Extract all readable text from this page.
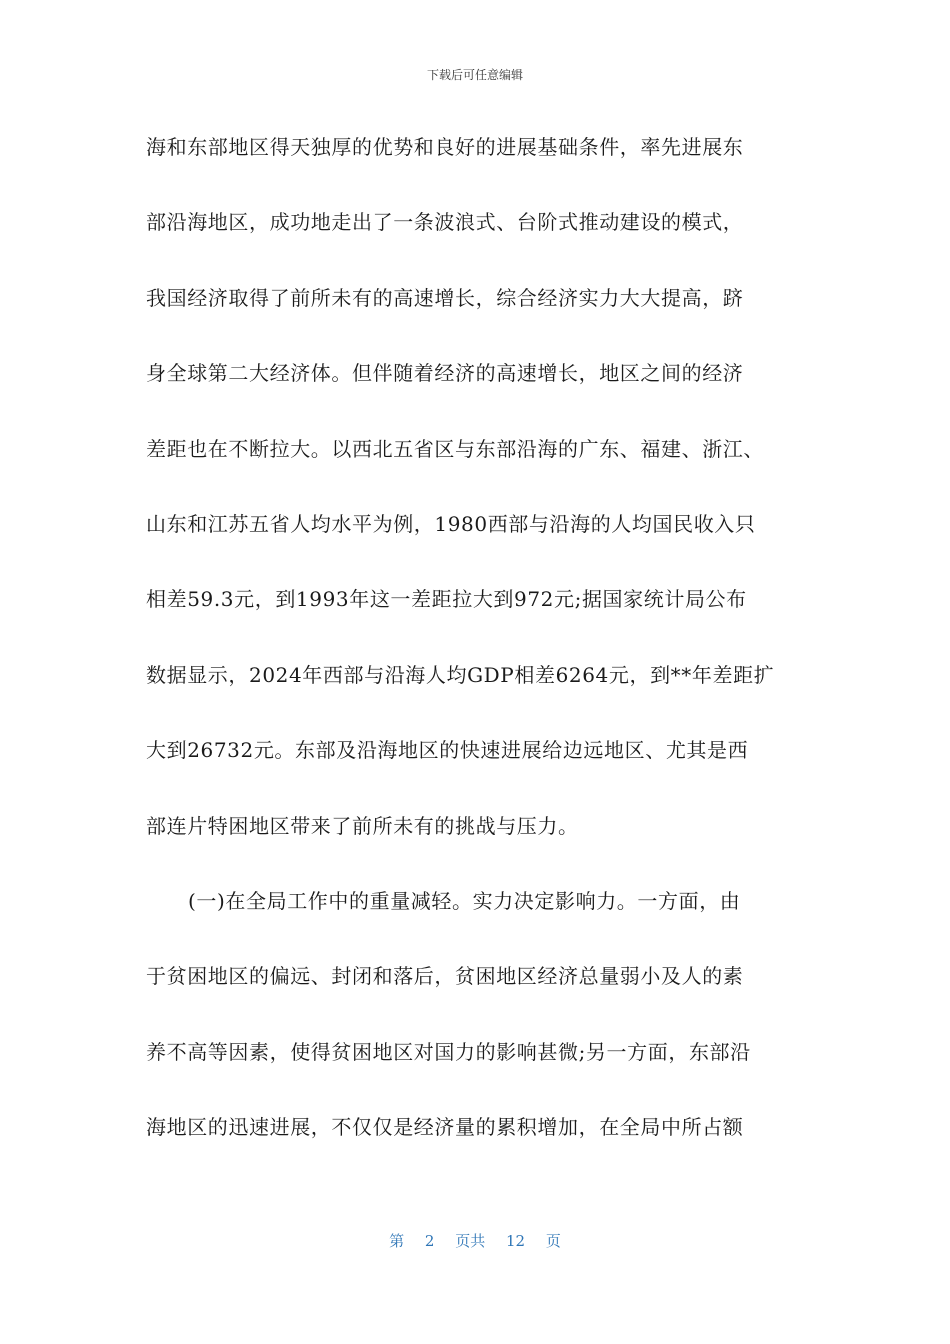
下载后可任意编辑
海和东部地区得天独厚的优势和良好的进展基础条件，率先进展东
部沿海地区，成功地走出了一条波浪式、台阶式推动建设的模式，
我国经济取得了前所未有的高速增长，综合经济实力大大提高，跻
身全球第二大经济体。但伴随着经济的高速增长，地区之间的经济
差距也在不断拉大。以西北五省区与东部沿海的广东、福建、浙江、
山东和江苏五省人均水平为例，1980西部与沿海的人均国民收入只
相差59.3元，到1993年这一差距拉大到972元;据国家统计局公布
数据显示，2024年西部与沿海人均GDP相差6264元，到**年差距扩
大到26732元。东部及沿海地区的快速进展给边远地区、尤其是西
部连片特困地区带来了前所未有的挑战与压力。
(一)在全局工作中的重量减轻。实力决定影响力。一方面，由
于贫困地区的偏远、封闭和落后，贫困地区经济总量弱小及人的素
养不高等因素，使得贫困地区对国力的影响甚微;另一方面，东部沿
海地区的迅速进展，不仅仅是经济量的累积增加，在全局中所占额
第 2 页共 12 页
